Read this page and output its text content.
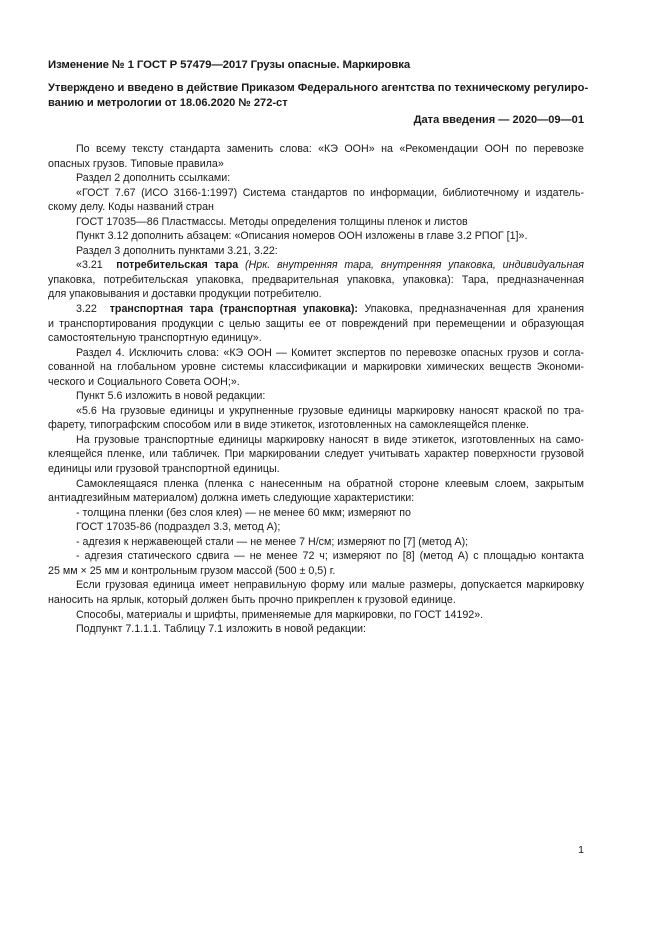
Изменение № 1 ГОСТ Р 57479—2017 Грузы опасные. Маркировка
Утверждено и введено в действие Приказом Федерального агентства по техническому регулиро-
ванию и метрологии от 18.06.2020 № 272-ст
Дата введения — 2020—09—01
По всему тексту стандарта заменить слова: «КЭ ООН» на «Рекомендации ООН по перевозке
опасных грузов. Типовые правила»
Раздел 2 дополнить ссылками:
«ГОСТ 7.67 (ИСО 3166-1:1997) Система стандартов по информации, библиотечному и издатель-
скому делу. Коды названий стран
ГОСТ 17035—86 Пластмассы. Методы определения толщины пленок и листов
Пункт 3.12 дополнить абзацем: «Описания номеров ООН изложены в главе 3.2 РПОГ [1]».
Раздел 3 дополнить пунктами 3.21, 3.22:
«3.21 потребительская тара (Нрк. внутренняя тара, внутренняя упаковка, индивидуальная
упаковка, потребительская упаковка, предварительная упаковка, упаковка): Тара, предназначенная
для упаковывания и доставки продукции потребителю.
3.22 транспортная тара (транспортная упаковка): Упаковка, предназначенная для хранения
и транспортирования продукции с целью защиты ее от повреждений при перемещении и образующая
самостоятельную транспортную единицу».
Раздел 4. Исключить слова: «КЭ ООН — Комитет экспертов по перевозке опасных грузов и согла-
сованной на глобальном уровне системы классификации и маркировки химических веществ Экономи-
ческого и Социального Совета ООН;».
Пункт 5.6 изложить в новой редакции:
«5.6 На грузовые единицы и укрупненные грузовые единицы маркировку наносят краской по тра-
фарету, типографским способом или в виде этикеток, изготовленных на самоклеящейся пленке.
На грузовые транспортные единицы маркировку наносят в виде этикеток, изготовленных на само-
клеящейся пленке, или табличек. При маркировании следует учитывать характер поверхности грузовой
единицы или грузовой транспортной единицы.
Самоклеящаяся пленка (пленка с нанесенным на обратной стороне клеевым слоем, закрытым
антиадгезийным материалом) должна иметь следующие характеристики:
- толщина пленки (без слоя клея) — не менее 60 мкм; измеряют по
ГОСТ 17035-86 (подраздел 3.3, метод А);
- адгезия к нержавеющей стали — не менее 7 Н/см; измеряют по [7] (метод А);
- адгезия статического сдвига — не менее 72 ч; измеряют по [8] (метод А) с площадью контакта
25 мм × 25 мм и контрольным грузом массой (500 ± 0,5) г.
Если грузовая единица имеет неправильную форму или малые размеры, допускается маркировку
наносить на ярлык, который должен быть прочно прикреплен к грузовой единице.
Способы, материалы и шрифты, применяемые для маркировки, по ГОСТ 14192».
Подпункт 7.1.1.1. Таблицу 7.1 изложить в новой редакции:
1
